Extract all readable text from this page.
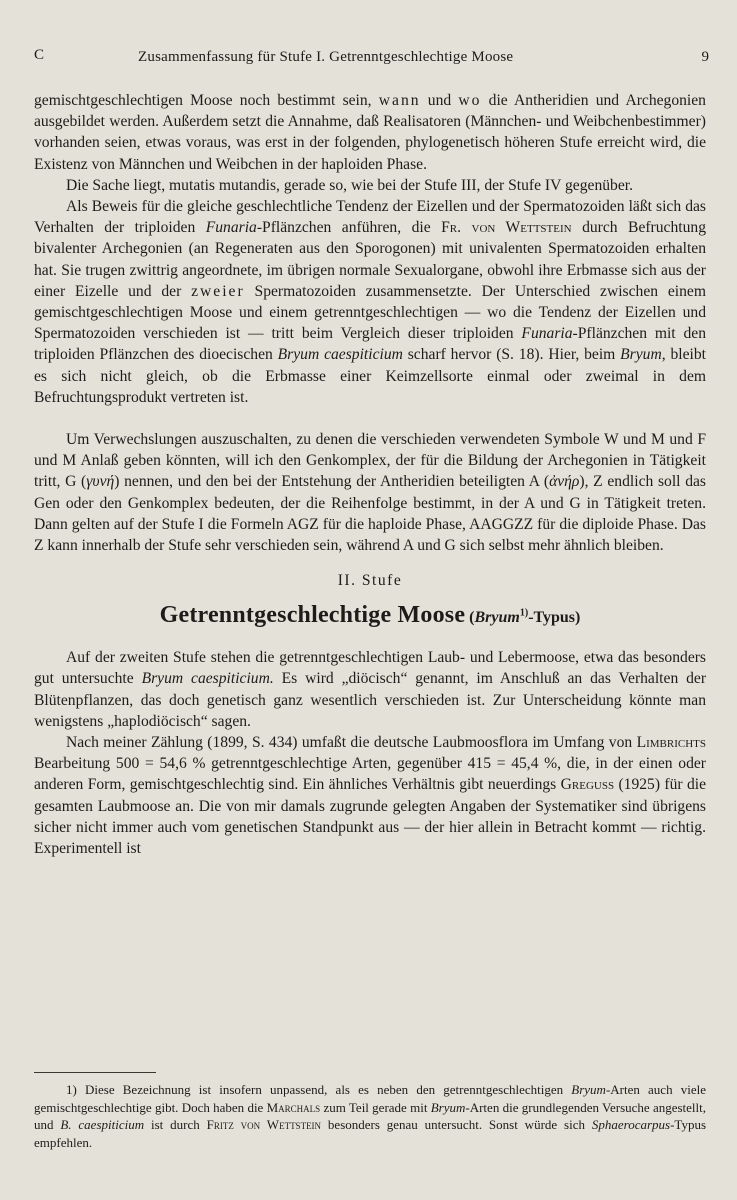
C	Zusammenfassung für Stufe I. Getrenntgeschlechtige Moose	9

gemischtgeschlechtigen Moose noch bestimmt sein, wann und wo die Antheridien und Archegonien ausgebildet werden. Außerdem setzt die Annahme, daß Realisatoren (Männchen- und Weibchenbestimmer) vorhanden seien, etwas voraus, was erst in der folgenden, phylogenetisch höheren Stufe erreicht wird, die Existenz von Männchen und Weibchen in der haploiden Phase.

Die Sache liegt, mutatis mutandis, gerade so, wie bei der Stufe III, der Stufe IV gegenüber.

Als Beweis für die gleiche geschlechtliche Tendenz der Eizellen und der Spermatozoiden läßt sich das Verhalten der triploiden Funaria-Pflänzchen anführen, die Fr. von Wettstein durch Befruchtung bivalenter Archegonien (an Regeneraten aus den Sporogonen) mit univalenten Spermatozoiden erhalten hat. Sie trugen zwittrig angeordnete, im übrigen normale Sexualorgane, obwohl ihre Erbmasse sich aus der einer Eizelle und der zweier Spermatozoiden zusammensetzte. Der Unterschied zwischen einem gemischtgeschlechtigen Moose und einem getrenntgeschlechtigen — wo die Tendenz der Eizellen und Spermatozoiden verschieden ist — tritt beim Vergleich dieser triploiden Funaria-Pflänzchen mit den triploiden Pflänzchen des dioecischen Bryum caespiticium scharf hervor (S. 18). Hier, beim Bryum, bleibt es sich nicht gleich, ob die Erbmasse einer Keimzellsorte einmal oder zweimal in dem Befruchtungsprodukt vertreten ist.

Um Verwechslungen auszuschalten, zu denen die verschieden verwendeten Symbole W und M und F und M Anlaß geben könnten, will ich den Genkomplex, der für die Bildung der Archegonien in Tätigkeit tritt, G (γυνή) nennen, und den bei der Entstehung der Antheridien beteiligten A (ἀνήρ), Z endlich soll das Gen oder den Genkomplex bedeuten, der die Reihenfolge bestimmt, in der A und G in Tätigkeit treten. Dann gelten auf der Stufe I die Formeln AGZ für die haploide Phase, AAGGZZ für die diploide Phase. Das Z kann innerhalb der Stufe sehr verschieden sein, während A und G sich selbst mehr ähnlich bleiben.

II. Stufe
Getrenntgeschlechtige Moose (Bryum$^{1)}$-Typus)

Auf der zweiten Stufe stehen die getrenntgeschlechtigen Laub- und Lebermoose, etwa das besonders gut untersuchte Bryum caespiticium. Es wird „diöcisch“ genannt, im Anschluß an das Verhalten der Blütenpflanzen, das doch genetisch ganz wesentlich verschieden ist. Zur Unterscheidung könnte man wenigstens „haplodiöcisch“ sagen.

Nach meiner Zählung (1899, S. 434) umfaßt die deutsche Laubmoosflora im Umfang von Limbrichts Bearbeitung 500 = 54,6 % getrenntgeschlechtige Arten, gegenüber 415 = 45,4 %, die, in der einen oder anderen Form, gemischtgeschlechtig sind. Ein ähnliches Verhältnis gibt neuerdings Greguss (1925) für die gesamten Laubmoose an. Die von mir damals zugrunde gelegten Angaben der Systematiker sind übrigens sicher nicht immer auch vom genetischen Standpunkt aus — der hier allein in Betracht kommt — richtig. Experimentell ist

1) Diese Bezeichnung ist insofern unpassend, als es neben den getrenntgeschlechtigen Bryum-Arten auch viele gemischtgeschlechtige gibt. Doch haben die Marchals zum Teil gerade mit Bryum-Arten die grundlegenden Versuche angestellt, und B. caespiticium ist durch Fritz von Wettstein besonders genau untersucht. Sonst würde sich Sphaerocarpus-Typus empfehlen.
